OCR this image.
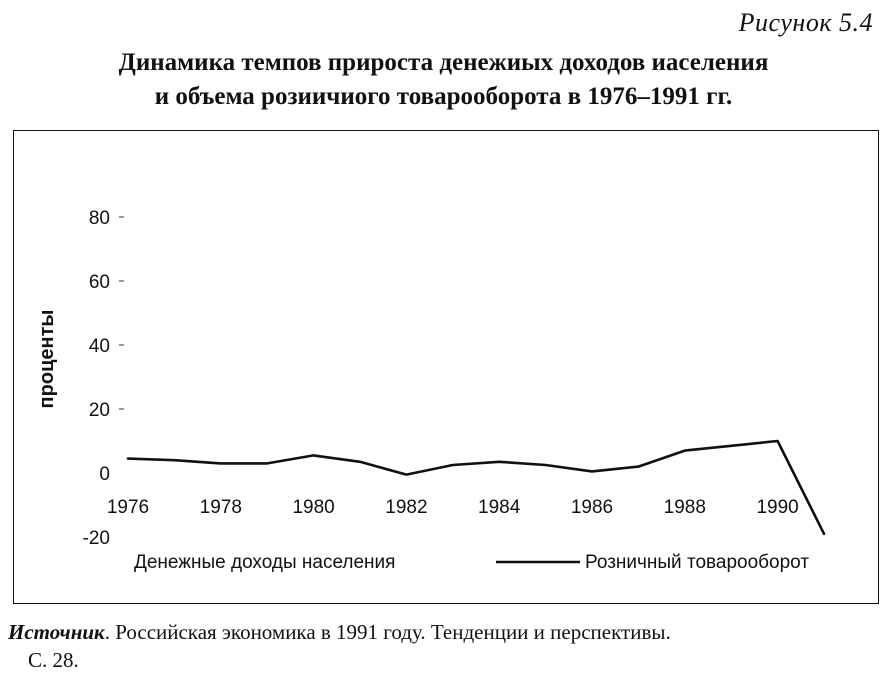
Рисунок 5.4
Динамика темпов прироста денежиых доходов иаселения
и объема розиичиого товарооборота в 1976–1991 гг.
80
60
40
20
0
-20
проценты
1976	1978	1980	1982	1984	1986	1988	1990
Денежные доходы населения	Розничный товарооборот
Источник. Российская экономика в 1991 году. Тенденции и перспективы.
С. 28.
